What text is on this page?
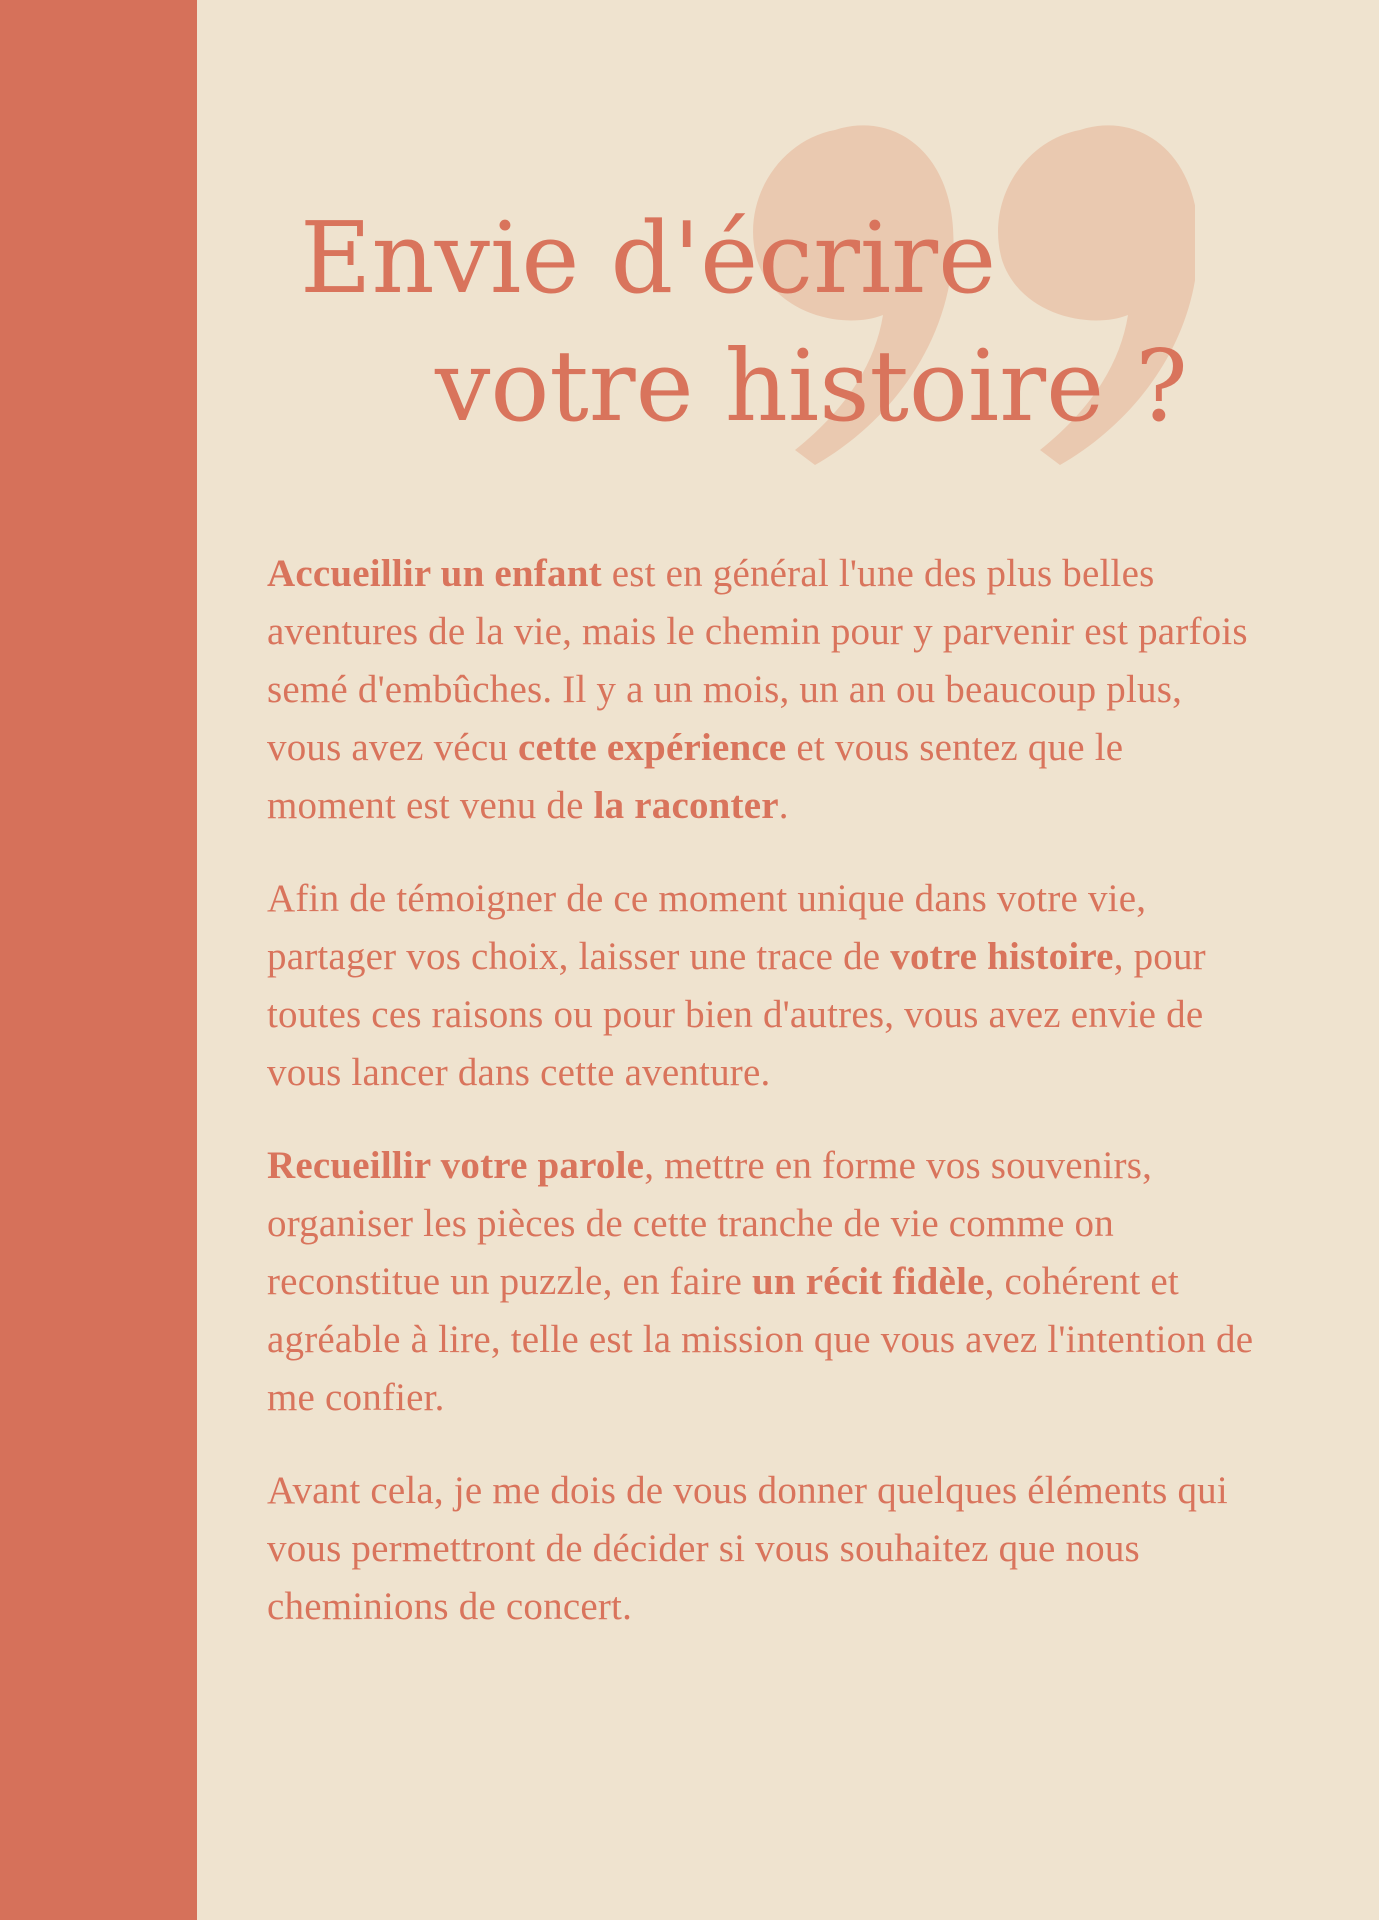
Envie d'écrire
votre histoire ?

Accueillir un enfant est en général l'une des plus belles aventures de la vie, mais le chemin pour y parvenir est parfois semé d'embûches. Il y a un mois, un an ou beaucoup plus, vous avez vécu cette expérience et vous sentez que le moment est venu de la raconter.

Afin de témoigner de ce moment unique dans votre vie, partager vos choix, laisser une trace de votre histoire, pour toutes ces raisons ou pour bien d'autres, vous avez envie de vous lancer dans cette aventure.

Recueillir votre parole, mettre en forme vos souvenirs, organiser les pièces de cette tranche de vie comme on reconstitue un puzzle, en faire un récit fidèle, cohérent et agréable à lire, telle est la mission que vous avez l'intention de me confier.

Avant cela, je me dois de vous donner quelques éléments qui vous permettront de décider si vous souhaitez que nous cheminions de concert.
